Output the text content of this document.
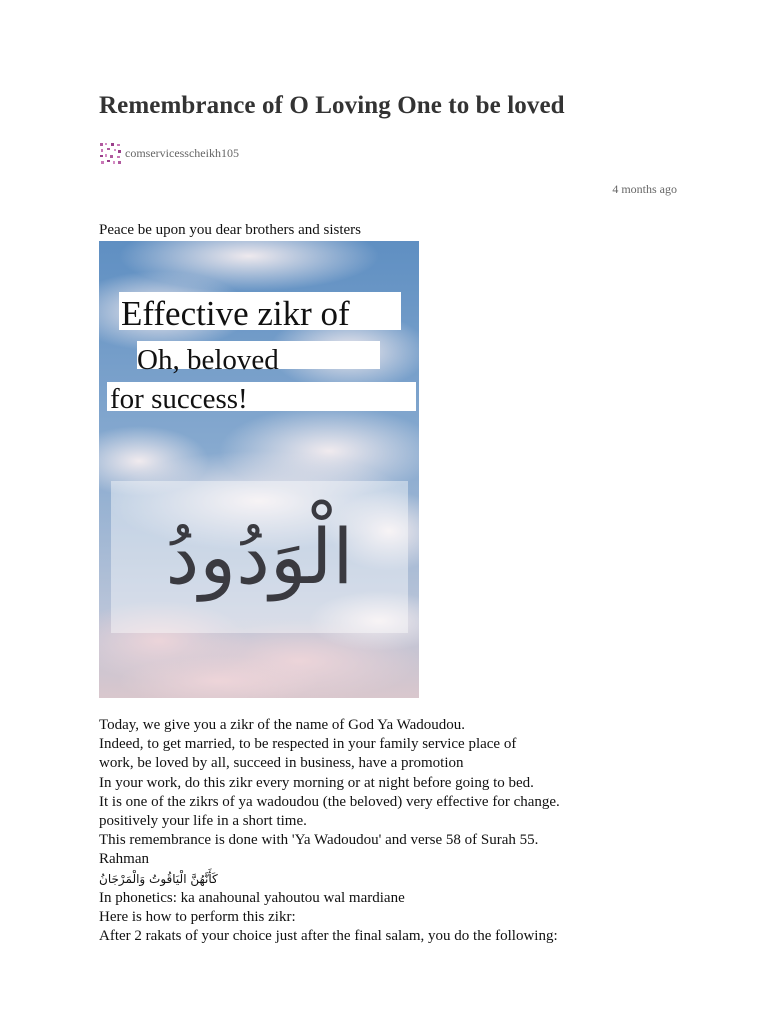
Remembrance of O Loving One to be loved
comservicesscheikh105
4 months ago

Peace be upon you dear brothers and sisters

Effective zikr of
Oh, beloved
for success!
الْوَدُودُ

Today, we give you a zikr of the name of God Ya Wadoudou.

Indeed, to get married, to be respected in your family service place of

work, be loved by all, succeed in business, have a promotion

In your work, do this zikr every morning or at night before going to bed.

It is one of the zikrs of ya wadoudou (the beloved) very effective for change.

positively your life in a short time.

This remembrance is done with 'Ya Wadoudou' and verse 58 of Surah 55.

Rahman

كَأَنَّهُنَّ الْيَاقُوتُ وَالْمَرْجَانُ

In phonetics: ka anahounal yahoutou wal mardiane

Here is how to perform this zikr:

After 2 rakats of your choice just after the final salam, you do the following:
